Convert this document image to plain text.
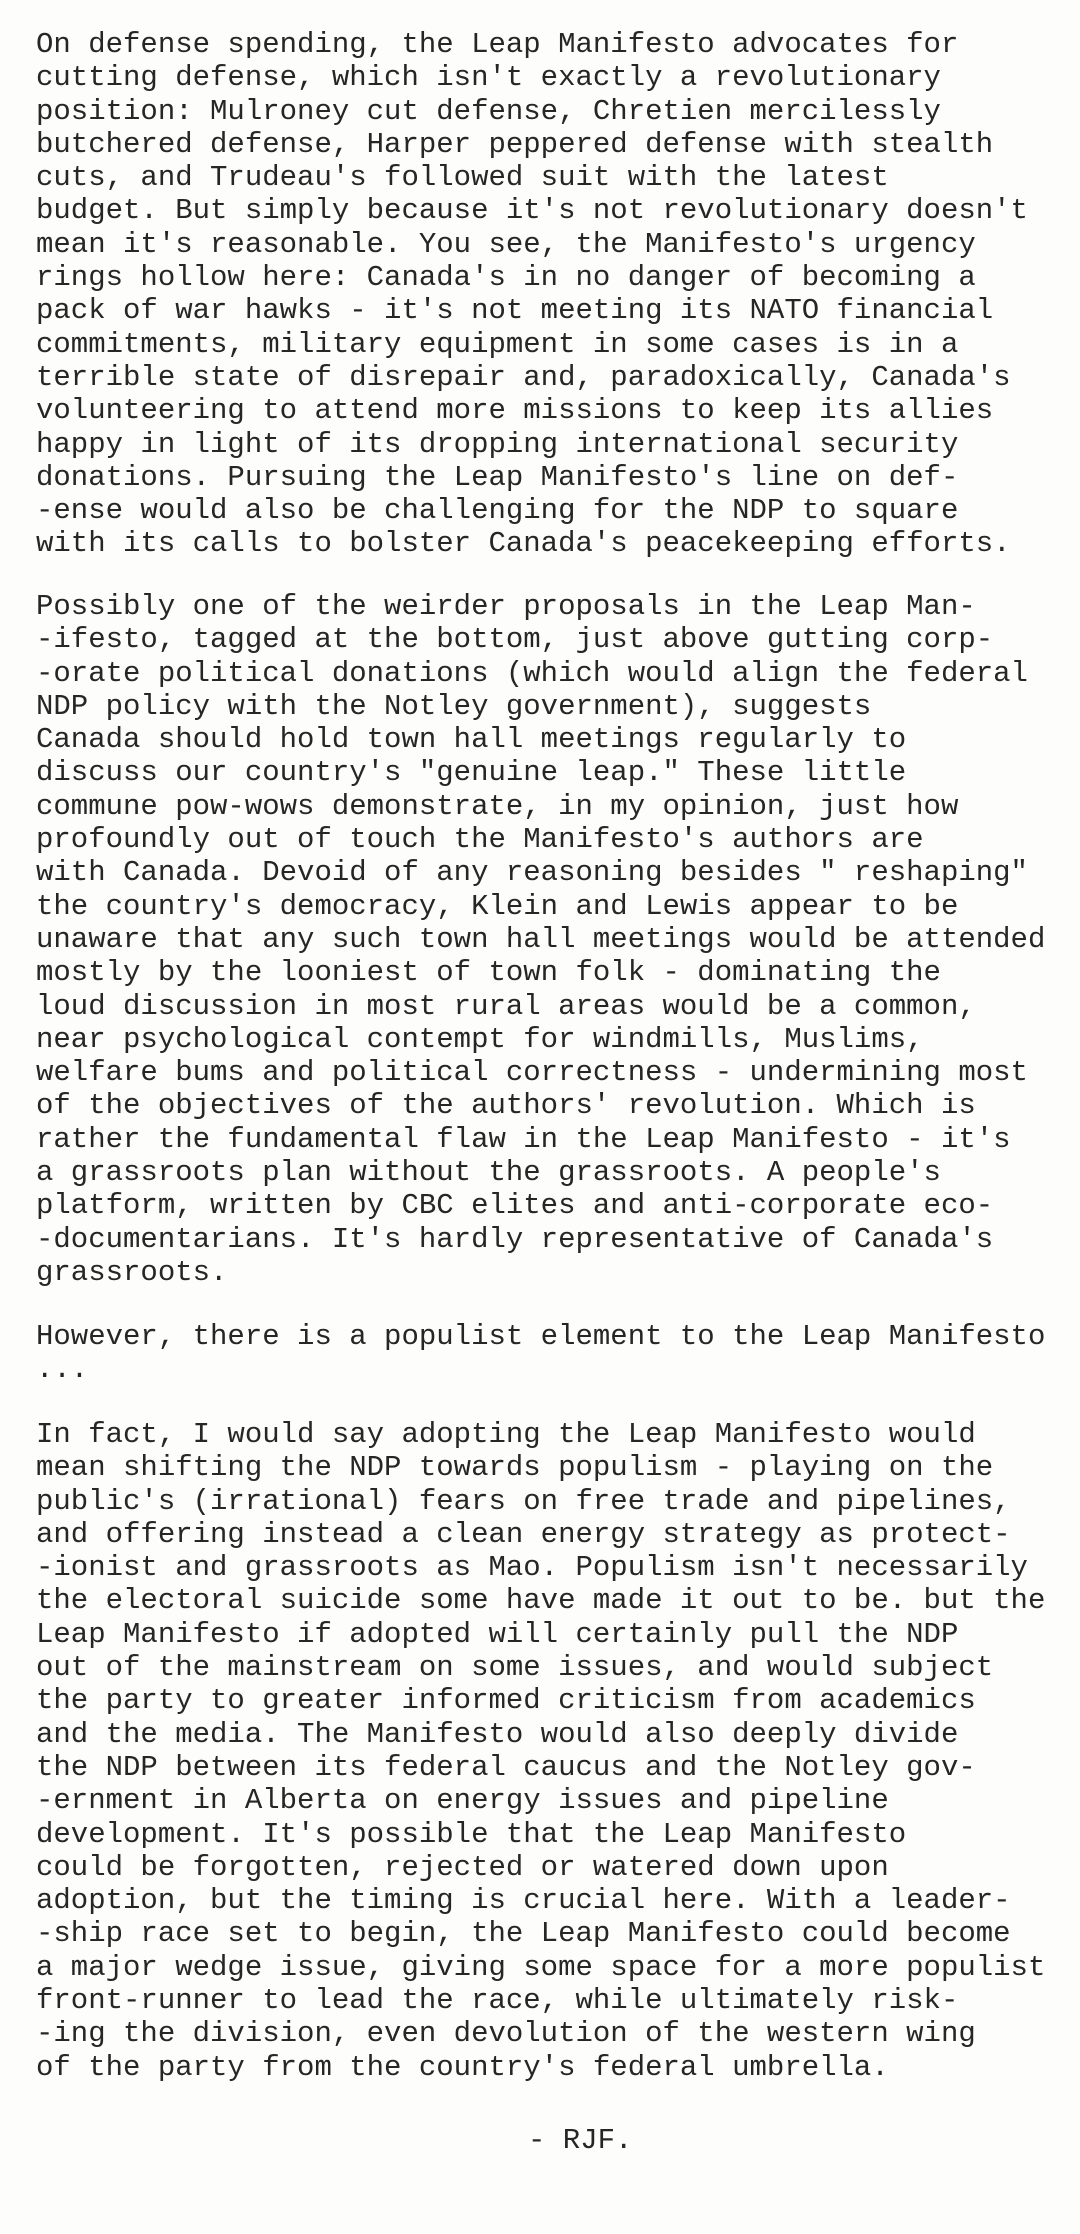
On defense spending, the Leap Manifesto advocates for
cutting defense, which isn't exactly a revolutionary
position: Mulroney cut defense, Chretien mercilessly
butchered defense, Harper peppered defense with stealth
cuts, and Trudeau's followed suit with the latest
budget. But simply because it's not revolutionary doesn't
mean it's reasonable. You see, the Manifesto's urgency
rings hollow here: Canada's in no danger of becoming a
pack of war hawks - it's not meeting its NATO financial
commitments, military equipment in some cases is in a
terrible state of disrepair and, paradoxically, Canada's
volunteering to attend more missions to keep its allies
happy in light of its dropping international security
donations. Pursuing the Leap Manifesto's line on def-
-ense would also be challenging for the NDP to square
with its calls to bolster Canada's peacekeeping efforts.

Possibly one of the weirder proposals in the Leap Man-
-ifesto, tagged at the bottom, just above gutting corp-
-orate political donations (which would align the federal
NDP policy with the Notley government), suggests
Canada should hold town hall meetings regularly to
discuss our country's "genuine leap." These little
commune pow-wows demonstrate, in my opinion, just how
profoundly out of touch the Manifesto's authors are
with Canada. Devoid of any reasoning besides " reshaping"
the country's democracy, Klein and Lewis appear to be
unaware that any such town hall meetings would be attended
mostly by the looniest of town folk - dominating the
loud discussion in most rural areas would be a common,
near psychological contempt for windmills, Muslims,
welfare bums and political correctness - undermining most
of the objectives of the authors' revolution. Which is
rather the fundamental flaw in the Leap Manifesto - it's
a grassroots plan without the grassroots. A people's
platform, written by CBC elites and anti-corporate eco-
-documentarians. It's hardly representative of Canada's
grassroots.

However, there is a populist element to the Leap Manifesto
...

In fact, I would say adopting the Leap Manifesto would
mean shifting the NDP towards populism - playing on the
public's (irrational) fears on free trade and pipelines,
and offering instead a clean energy strategy as protect-
-ionist and grassroots as Mao. Populism isn't necessarily
the electoral suicide some have made it out to be. but the
Leap Manifesto if adopted will certainly pull the NDP
out of the mainstream on some issues, and would subject
the party to greater informed criticism from academics
and the media. The Manifesto would also deeply divide
the NDP between its federal caucus and the Notley gov-
-ernment in Alberta on energy issues and pipeline
development. It's possible that the Leap Manifesto
could be forgotten, rejected or watered down upon
adoption, but the timing is crucial here. With a leader-
-ship race set to begin, the Leap Manifesto could become
a major wedge issue, giving some space for a more populist
front-runner to lead the race, while ultimately risk-
-ing the division, even devolution of the western wing
of the party from the country's federal umbrella.

- RJF.
